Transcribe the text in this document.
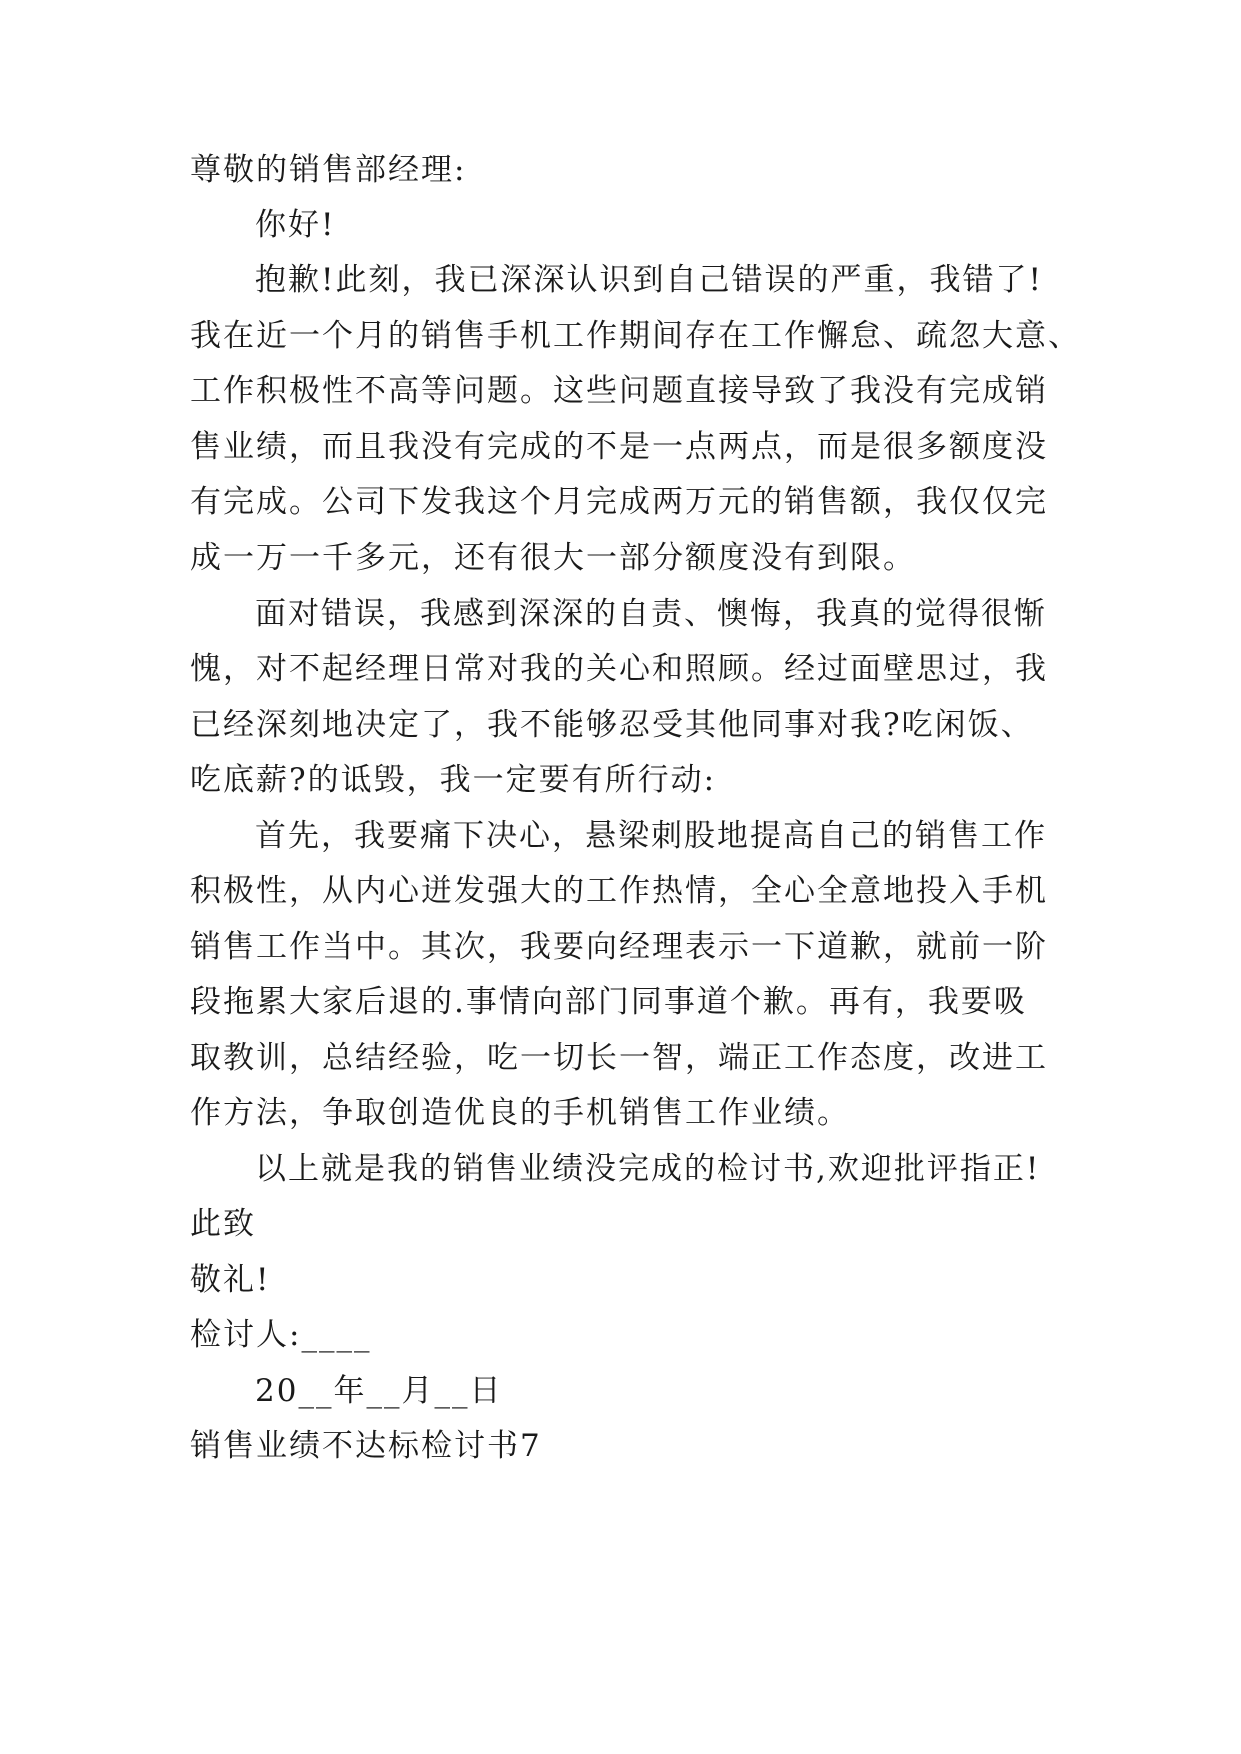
尊敬的销售部经理:
你好!
抱歉!此刻，我已深深认识到自己错误的严重，我错了!
我在近一个月的销售手机工作期间存在工作懈怠、疏忽大意、
工作积极性不高等问题。这些问题直接导致了我没有完成销
售业绩，而且我没有完成的不是一点两点，而是很多额度没
有完成。公司下发我这个月完成两万元的销售额，我仅仅完
成一万一千多元，还有很大一部分额度没有到限。
面对错误，我感到深深的自责、懊悔，我真的觉得很惭
愧，对不起经理日常对我的关心和照顾。经过面壁思过，我
已经深刻地决定了，我不能够忍受其他同事对我?吃闲饭、
吃底薪?的诋毁，我一定要有所行动:
首先，我要痛下决心，悬梁刺股地提高自己的销售工作
积极性，从内心迸发强大的工作热情，全心全意地投入手机
销售工作当中。其次，我要向经理表示一下道歉，就前一阶
段拖累大家后退的.事情向部门同事道个歉。再有，我要吸
取教训，总结经验，吃一切长一智，端正工作态度，改进工
作方法，争取创造优良的手机销售工作业绩。
以上就是我的销售业绩没完成的检讨书,欢迎批评指正!
此致
敬礼!
检讨人:____
20__年__月__日
销售业绩不达标检讨书7
